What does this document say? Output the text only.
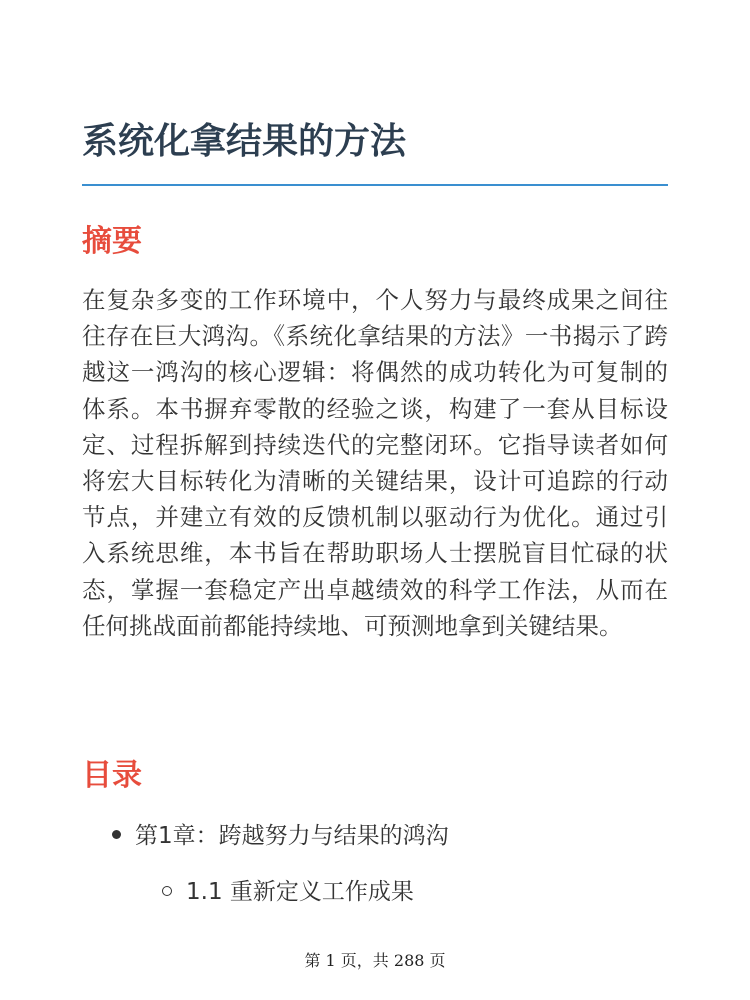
系统化拿结果的方法
摘要

在复杂多变的工作环境中，个人努力与最终成果之间往往存在巨大鸿沟。《系统化拿结果的方法》一书揭示了跨越这一鸿沟的核心逻辑：将偶然的成功转化为可复制的体系。本书摒弃零散的经验之谈，构建了一套从目标设定、过程拆解到持续迭代的完整闭环。它指导读者如何将宏大目标转化为清晰的关键结果，设计可追踪的行动节点，并建立有效的反馈机制以驱动行为优化。通过引入系统思维，本书旨在帮助职场人士摆脱盲目忙碌的状态，掌握一套稳定产出卓越绩效的科学工作法，从而在任何挑战面前都能持续地、可预测地拿到关键结果。

目录
第1章：跨越努力与结果的鸿沟
1.1 重新定义工作成果
第 1 页，共 288 页
